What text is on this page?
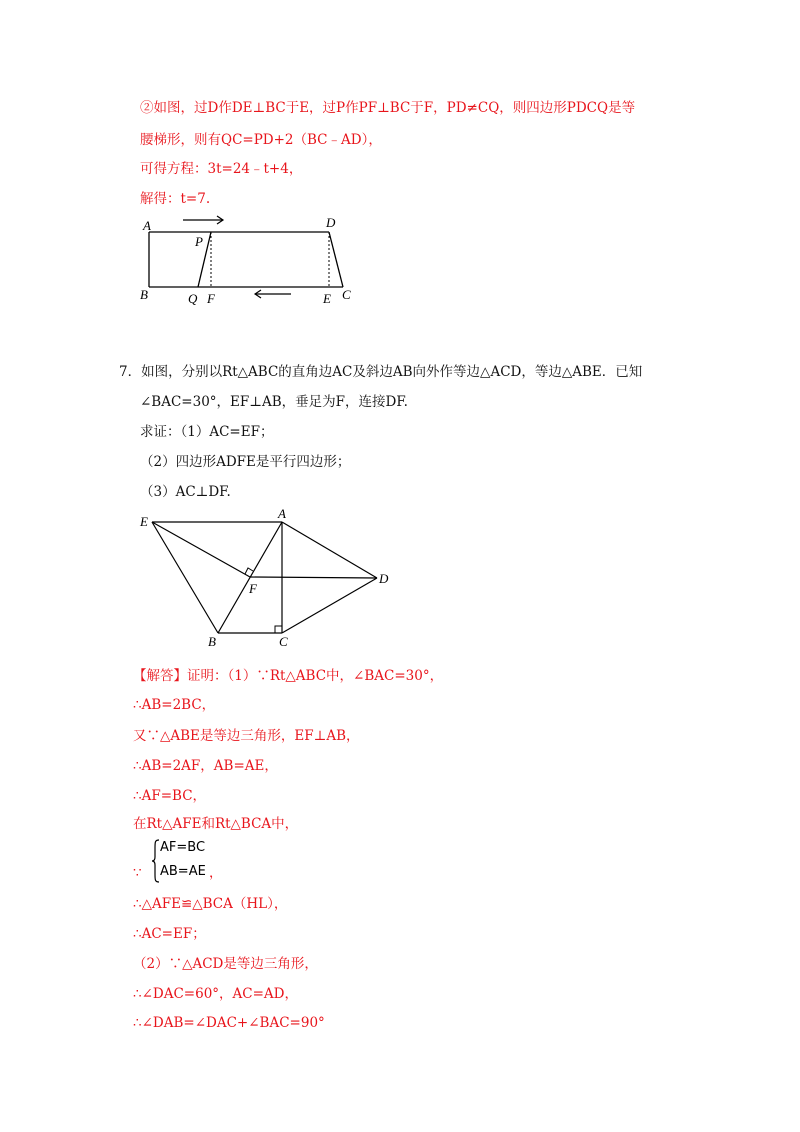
②如图，过D作DE⊥BC于E，过P作PF⊥BC于F，PD≠CQ，则四边形PDCQ是等
腰梯形，则有QC=PD+2（BC﹣AD），
可得方程：3t=24﹣t+4，
解得：t=7.
A	D
P
B	Q F	E C
7．如图，分别以Rt△ABC的直角边AC及斜边AB向外作等边△ACD，等边△ABE．已知
∠BAC=30°，EF⊥AB，垂足为F，连接DF.
求证：（1）AC=EF；
（2）四边形ADFE是平行四边形；
（3）AC⊥DF.
E
A
F
D
B	C
【解答】证明：（1）∵Rt△ABC中，∠BAC=30°，
∴AB=2BC，
又∵△ABE是等边三角形，EF⊥AB，
∴AB=2AF，AB=AE，
∴AF=BC，
在Rt△AFE和Rt△BCA中，
AF=BC
AB=AE
∵	，
∴△AFE≌△BCA（HL），
∴AC=EF；
（2）∵△ACD是等边三角形，
∴∠DAC=60°，AC=AD，
∴∠DAB=∠DAC+∠BAC=90°
